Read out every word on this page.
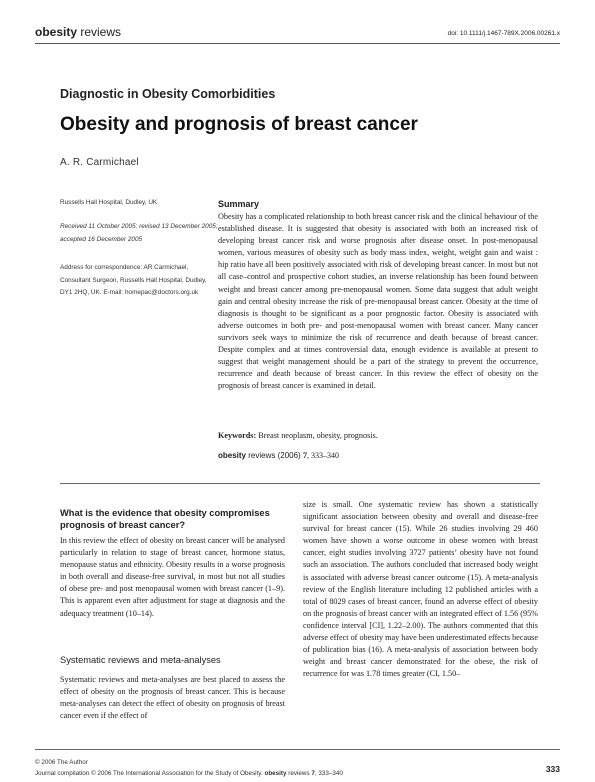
obesity reviews	doi: 10.1111/j.1467-789X.2006.00261.x
Diagnostic in Obesity Comorbidities
Obesity and prognosis of breast cancer
A. R. Carmichael
Russells Hall Hospital, Dudley, UK
Received 11 October 2005; revised 13 December 2005; accepted 16 December 2005
Address for correspondence: AR Carmichael, Consultant Surgeon, Russells Hall Hospital, Dudley, DY1 2HQ, UK. E-mail: homepac@doctors.org.uk
Summary
Obesity has a complicated relationship to both breast cancer risk and the clinical behaviour of the established disease. It is suggested that obesity is associated with both an increased risk of developing breast cancer risk and worse prognosis after disease onset. In post-menopausal women, various measures of obesity such as body mass index, weight, weight gain and waist : hip ratio have all been positively associated with risk of developing breast cancer. In most but not all case–control and prospective cohort studies, an inverse relationship has been found between weight and breast cancer among pre-menopausal women. Some data suggest that adult weight gain and central obesity increase the risk of pre-menopausal breast cancer. Obesity at the time of diagnosis is thought to be significant as a poor prognostic factor. Obesity is associated with adverse outcomes in both pre- and post-menopausal women with breast cancer. Many cancer survivors seek ways to minimize the risk of recurrence and death because of breast cancer. Despite complex and at times controversial data, enough evidence is available at present to suggest that weight management should be a part of the strategy to prevent the occurrence, recurrence and death because of breast cancer. In this review the effect of obesity on the prognosis of breast cancer is examined in detail.
Keywords: Breast neoplasm, obesity, prognosis.
obesity reviews (2006) 7, 333–340
What is the evidence that obesity compromises prognosis of breast cancer?
In this review the effect of obesity on breast cancer will be analysed particularly in relation to stage of breast cancer, hormone status, menopause status and ethnicity. Obesity results in a worse prognosis in both overall and disease-free survival, in most but not all studies of obese pre- and post menopausal women with breast cancer (1–9). This is apparent even after adjustment for stage at diagnosis and the adequacy treatment (10–14).
Systematic reviews and meta-analyses
Systematic reviews and meta-analyses are best placed to assess the effect of obesity on the prognosis of breast cancer. This is because meta-analyses can detect the effect of obesity on prognosis of breast cancer even if the effect of
size is small. One systematic review has shown a statistically significant association between obesity and overall and disease-free survival for breast cancer (15). While 26 studies involving 29 460 women have shown a worse outcome in obese women with breast cancer, eight studies involving 3727 patients’ obesity have not found such an association. The authors concluded that increased body weight is associated with adverse breast cancer outcome (15). A meta-analysis review of the English literature including 12 published articles with a total of 8029 cases of breast cancer, found an adverse effect of obesity on the prognosis of breast cancer with an integrated effect of 1.56 (95% confidence interval [CI], 1.22–2.00). The authors commented that this adverse effect of obesity may have been underestimated effects because of publication bias (16). A meta-analysis of association between body weight and breast cancer demonstrated for the obese, the risk of recurrence for was 1.78 times greater (CI, 1.50–
© 2006 The Author
Journal compilation © 2006 The International Association for the Study of Obesity. obesity reviews 7, 333–340	333
